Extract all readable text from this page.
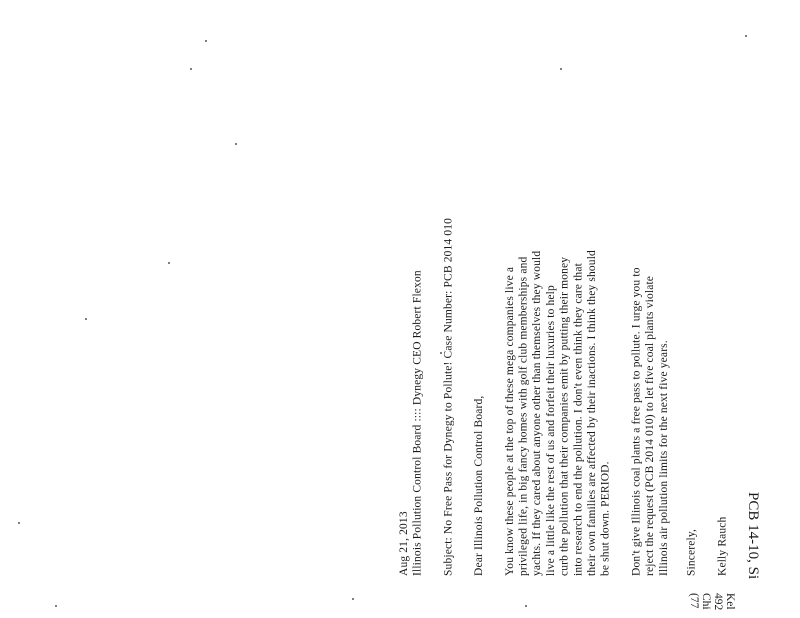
PCB 14-10, Si
Kel
492
Chi
(77

Aug 21, 2013 Illinois Pollution Control Board :::: Dynegy CEO Robert Flexon Subject: No Free Pass for Dynegy to Pollute! Case Number: PCB 2014 010 Dear Illinois Pollution Control Board, You know these people at the top of these mega companies live a privileged life, in big fancy homes with golf club memberships and yachts. If they cared about anyone other than themselves they would live a little like the rest of us and forfeit their luxuries to help curb the pollution that their companies emit by putting their money into research to end the pollution. I don't even think they care that their own families are affected by their inactions. I think they should be shut down. PERIOD. Don't give Illinois coal plants a free pass to pollute. I urge you to reject the request (PCB 2014 010) to let five coal plants violate Illinois air pollution limits for the next five years. Sincerely, Kelly Rauch
